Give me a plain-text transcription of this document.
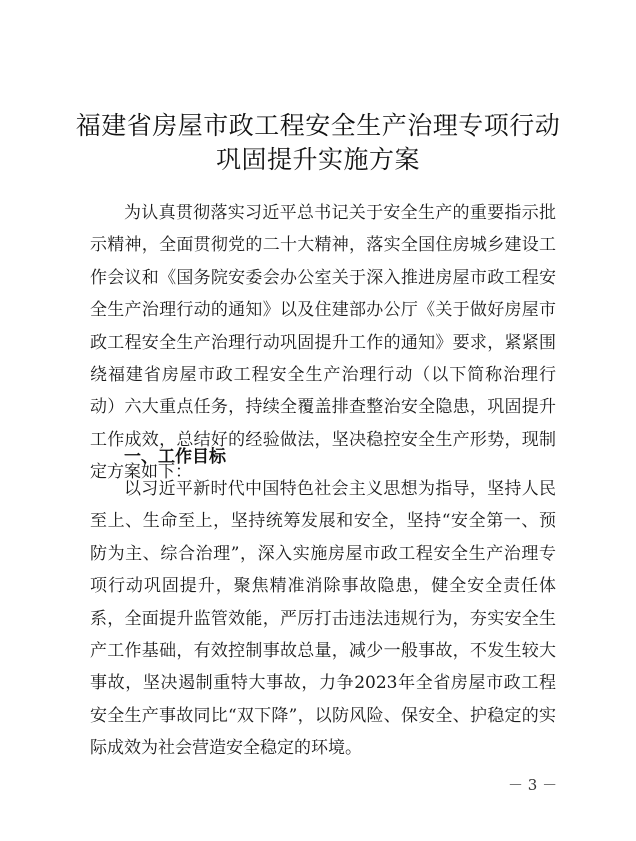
福建省房屋市政工程安全生产治理专项行动
巩固提升实施方案

为认真贯彻落实习近平总书记关于安全生产的重要指示批示精神，全面贯彻党的二十大精神，落实全国住房城乡建设工作会议和《国务院安委会办公室关于深入推进房屋市政工程安全生产治理行动的通知》以及住建部办公厅《关于做好房屋市政工程安全生产治理行动巩固提升工作的通知》要求，紧紧围绕福建省房屋市政工程安全生产治理行动（以下简称治理行动）六大重点任务，持续全覆盖排查整治安全隐患，巩固提升工作成效，总结好的经验做法，坚决稳控安全生产形势，现制定方案如下：

一、工作目标

以习近平新时代中国特色社会主义思想为指导，坚持人民至上、生命至上，坚持统筹发展和安全，坚持“安全第一、预防为主、综合治理”，深入实施房屋市政工程安全生产治理专项行动巩固提升，聚焦精准消除事故隐患，健全安全责任体系，全面提升监管效能，严厉打击违法违规行为，夯实安全生产工作基础，有效控制事故总量，减少一般事故，不发生较大事故，坚决遏制重特大事故，力争2023年全省房屋市政工程安全生产事故同比“双下降”，以防风险、保安全、护稳定的实际成效为社会营造安全稳定的环境。

－ 3 －
